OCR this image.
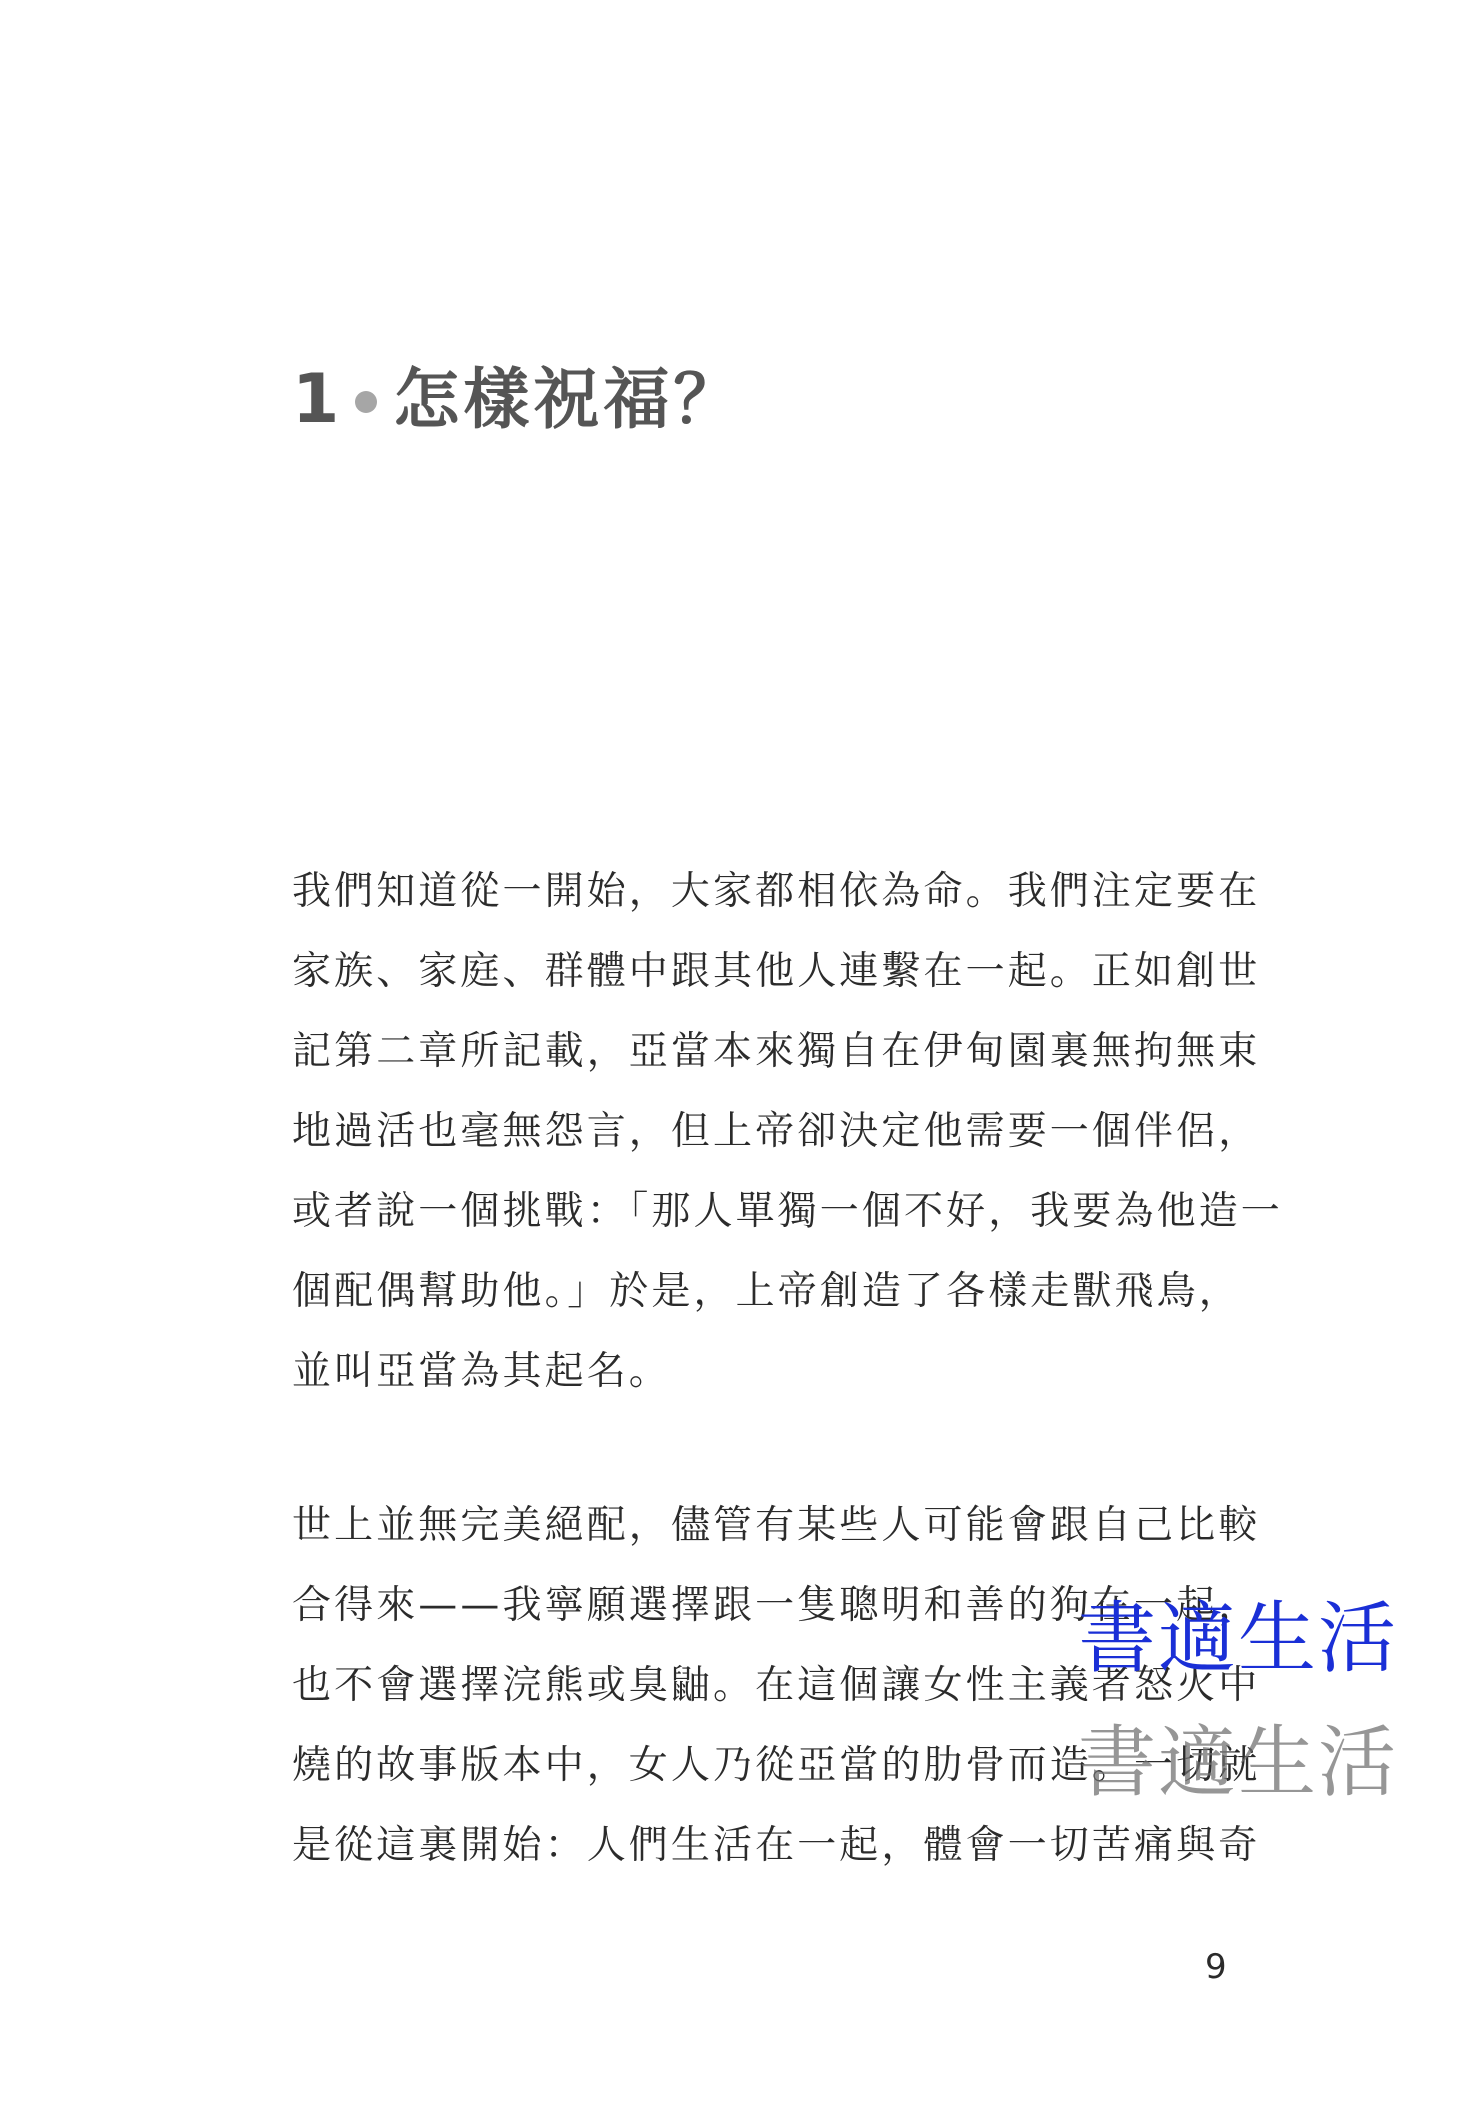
1 怎樣祝福？
我們知道從一開始，大家都相依為命。我們注定要在
家族、家庭、群體中跟其他人連繫在一起。正如創世
記第二章所記載，亞當本來獨自在伊甸園裏無拘無束
地過活也毫無怨言，但上帝卻決定他需要一個伴侶，
或者說一個挑戰：「那人單獨一個不好，我要為他造一
個配偶幫助他。」於是，上帝創造了各樣走獸飛鳥，
並叫亞當為其起名。
世上並無完美絕配，儘管有某些人可能會跟自己比較
合得來——我寧願選擇跟一隻聰明和善的狗在一起，
也不會選擇浣熊或臭鼬。在這個讓女性主義者怒火中
燒的故事版本中，女人乃從亞當的肋骨而造。一切就
是從這裏開始：人們生活在一起，體會一切苦痛與奇
書適生活
書適生活
9
